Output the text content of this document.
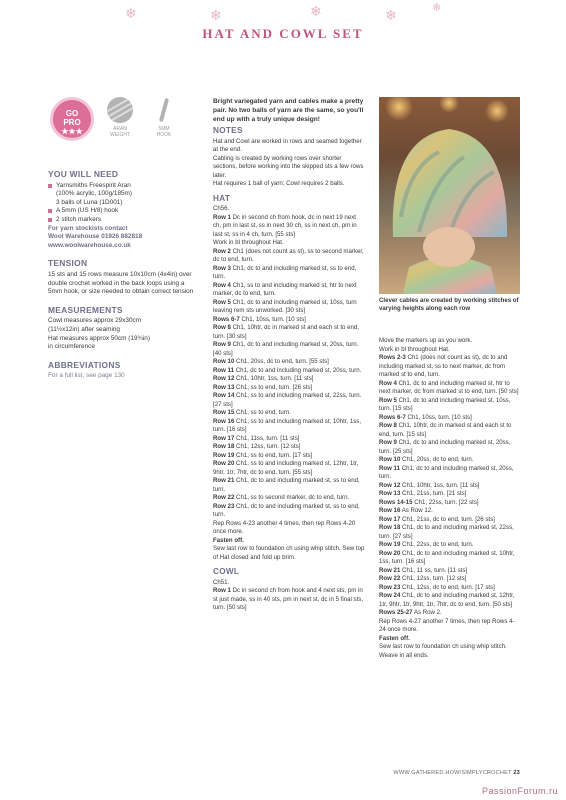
❄	❄	❄	❄	❄
HAT AND COWL SET
GO
PRO
★★★	ARAN
WEIGHT
5MM
HOOK
YOU WILL NEED
Yarnsmiths Freespirit Aran
(100% acrylic, 100g/185m)
3 balls of Luna (1D001)
A 5mm (US H/8) hook
2 stitch markers
For yarn stockists contact
Wool Warehouse 01926 882818
www.woolwarehouse.co.uk
TENSION
15 sts and 15 rows measure 10x10cm (4x4in) over double crochet worked in the back loops using a 5mm hook, or size needed to obtain correct tension
MEASUREMENTS
Cowl measures approx 29x30cm
(11½x12in) after seaming
Hat measures approx 50cm (19¾in)
in circumference
ABBREVIATIONS
For a full list, see page 130

Bright variegated yarn and cables make a pretty pair. No two balls of yarn are the same, so you'll end up with a truly unique design!

NOTES

Hat and Cowl are worked in rows and seamed together at the end.

Cabling is created by working rows over shorter sections, before working into the skipped sts a few rows later.

Hat requires 1 ball of yarn; Cowl requires 2 balls.

HAT

Ch56.

Row 1 Dc in second ch from hook, dc in next 19 next ch, pm in last st, ss in next 30 ch, ss in next ch, pm in last st, ss in 4 ch, turn. [55 sts]

Work in bl throughout Hat.

Row 2 Ch1 (does not count as st), ss to second marker, dc to end, turn.

Row 3 Ch1, dc to and including marked st, ss to end, turn.

Row 4 Ch1, ss to and including marked st, htr to next marker, dc to end, turn.

Row 5 Ch1, dc to and including marked st, 10ss, turn leaving rem sts unworked. [30 sts]

Rows 6-7 Ch1, 10ss, turn. [10 sts]

Row 8 Ch1, 10htr, dc in marked st and each st to end, turn. [30 sts]

Row 9 Ch1, dc to and including marked st, 20ss, turn. [40 sts]

Row 10 Ch1, 20ss, dc to end, turn. [55 sts]

Row 11 Ch1, dc to and including marked st, 20ss, turn.

Row 12 Ch1, 10htr, 1ss, turn. [11 sts]

Row 13 Ch1, ss to end, turn. [26 sts]

Row 14 Ch1, ss to and including marked st, 22ss, turn. [27 sts]

Row 15 Ch1, ss to end, turn.

Row 16 Ch1, ss to and including marked st, 10htr, 1ss, turn. [16 sts]

Row 17 Ch1, 11ss, turn. [11 sts]

Row 18 Ch1, 12ss, turn. [12 sts]

Row 19 Ch1, ss to end, turn. [17 sts]

Row 20 Ch1, ss to and including marked st, 12htr, 1tr, 9htr, 1tr, 7htr, dc to end, turn. [55 sts]

Row 21 Ch1, dc to and including marked st, ss to end, turn.

Row 22 Ch1, ss to second marker, dc to end, turn.

Row 23 Ch1, dc to and including marked st, ss to end, turn.

Rep Rows 4-23 another 4 times, then rep Rows 4-20 once more.

Fasten off.

Sew last row to foundation ch using whip stitch. Sew top of Hat closed and fold up brim.

COWL

Ch51.

Row 1 Dc in second ch from hook and 4 next sts, pm in st just made, ss in 40 sts, pm in next st, dc in 5 final sts, turn. [50 sts]

Clever cables are created by working stitches of varying heights along each row

Move the markers up as you work.

Work in bl throughout Hat.

Rows 2-3 Ch1 (does not count as st), dc to and including marked st, ss to next marker, dc from marked st to end, turn.

Row 4 Ch1, dc to and including marked st, htr to next marker, dc from marked st to end, turn. [50 sts]

Row 5 Ch1, dc to and including marked st, 10ss, turn. [15 sts]

Rows 6-7 Ch1, 10ss, turn. [10 sts]

Row 8 Ch1, 10htr, dc in marked st and each st to end, turn. [15 sts]

Row 9 Ch1, dc to and including marked st, 20ss, turn. [25 sts]

Row 10 Ch1, 20ss, dc to end, turn.

Row 11 Ch1, dc to and including marked st, 20ss, turn.

Row 12 Ch1, 10htr, 1ss, turn. [11 sts]

Row 13 Ch1, 21ss, turn. [21 sts]

Rows 14-15 Ch1, 22ss, turn. [22 sts]

Row 16 As Row 12.

Row 17 Ch1, 21ss, dc to end, turn. [26 sts]

Row 18 Ch1, dc to and including marked st, 22ss, turn. [27 sts]

Row 19 Ch1, 22ss, dc to end, turn.

Row 20 Ch1, dc to and including marked st, 10htr, 1ss, turn. [16 sts]

Row 21 Ch1, 11 ss, turn. [11 sts]

Row 22 Ch1, 12ss, turn. [12 sts]

Row 23 Ch1, 12ss, dc to end, turn. [17 sts]

Row 24 Ch1, dc to and including marked st, 12htr, 1tr, 9htr, 1tr, 9htr, 1tr, 7htr, dc to end, turn. [50 sts]

Rows 25-27 As Row 2.

Rep Rows 4-27 another 7 times, then rep Rows 4-24 once more.

Fasten off.

Sew last row to foundation ch using whip stitch. Weave in all ends.

WWW.GATHERED.HOW/SIMPLYCROCHET 23
PassionForum.ru
